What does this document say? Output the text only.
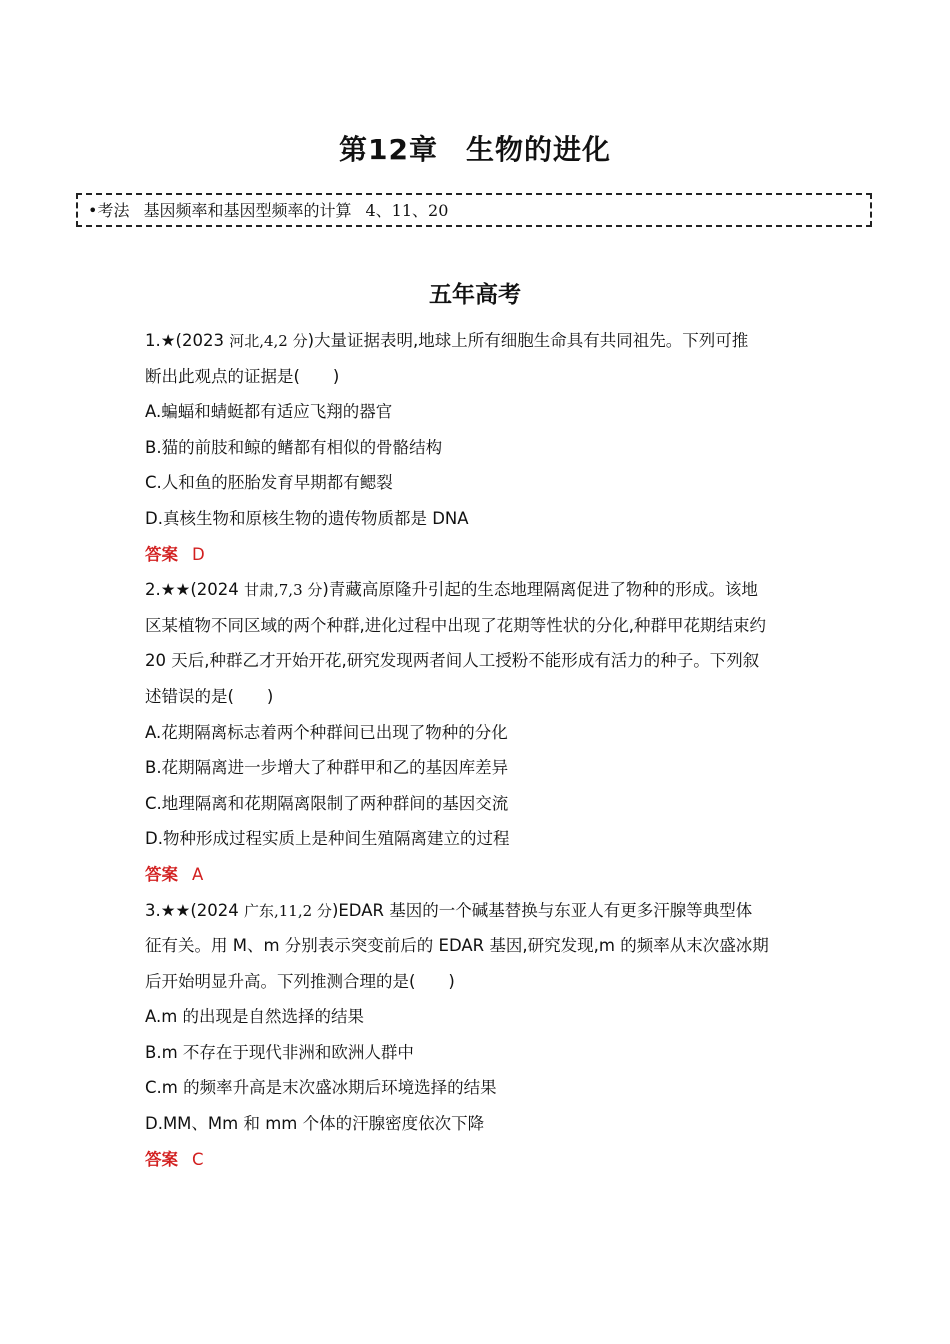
第12章 生物的进化
•考法 基因频率和基因型频率的计算 4、11、20
五年高考
1.★(2023 河北,4,2 分)大量证据表明,地球上所有细胞生命具有共同祖先。下列可推
断出此观点的证据是(　　)
A.蝙蝠和蜻蜓都有适应飞翔的器官
B.猫的前肢和鲸的鳍都有相似的骨骼结构
C.人和鱼的胚胎发育早期都有鳃裂
D.真核生物和原核生物的遗传物质都是 DNA
答案 D
2.★★(2024 甘肃,7,3 分)青藏高原隆升引起的生态地理隔离促进了物种的形成。该地
区某植物不同区域的两个种群,进化过程中出现了花期等性状的分化,种群甲花期结束约
20 天后,种群乙才开始开花,研究发现两者间人工授粉不能形成有活力的种子。下列叙
述错误的是(　　)
A.花期隔离标志着两个种群间已出现了物种的分化
B.花期隔离进一步增大了种群甲和乙的基因库差异
C.地理隔离和花期隔离限制了两种群间的基因交流
D.物种形成过程实质上是种间生殖隔离建立的过程
答案 A
3.★★(2024 广东,11,2 分)EDAR 基因的一个碱基替换与东亚人有更多汗腺等典型体
征有关。用 M、m 分别表示突变前后的 EDAR 基因,研究发现,m 的频率从末次盛冰期
后开始明显升高。下列推测合理的是(　　)
A.m 的出现是自然选择的结果
B.m 不存在于现代非洲和欧洲人群中
C.m 的频率升高是末次盛冰期后环境选择的结果
D.MM、Mm 和 mm 个体的汗腺密度依次下降
答案 C
